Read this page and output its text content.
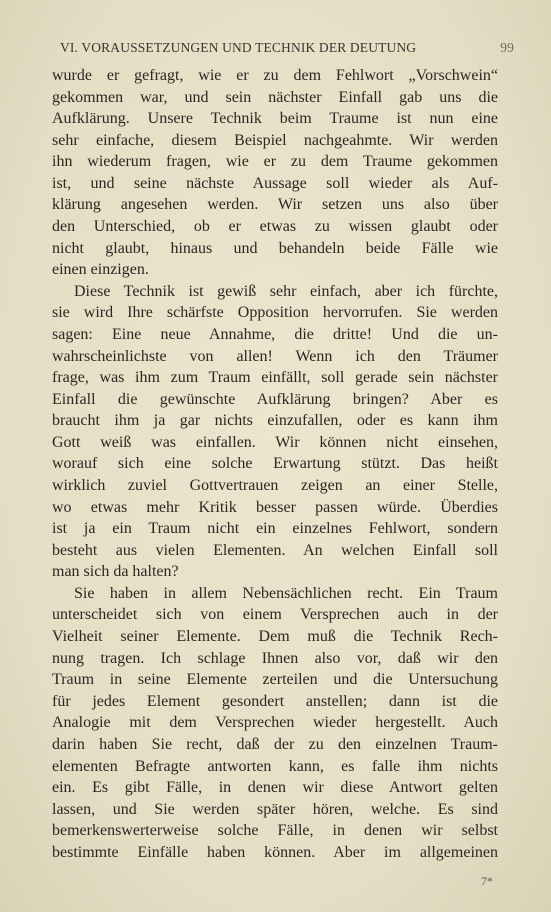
VI. VORAUSSETZUNGEN UND TECHNIK DER DEUTUNG	99
wurde er gefragt, wie er zu dem Fehlwort „Vorschwein“
gekommen war, und sein nächster Einfall gab uns die
Aufklärung. Unsere Technik beim Traume ist nun eine
sehr einfache, diesem Beispiel nachgeahmte. Wir werden
ihn wiederum fragen, wie er zu dem Traume gekommen
ist, und seine nächste Aussage soll wieder als Auf-
klärung angesehen werden. Wir setzen uns also über
den Unterschied, ob er etwas zu wissen glaubt oder
nicht glaubt, hinaus und behandeln beide Fälle wie
einen einzigen.
Diese Technik ist gewiß sehr einfach, aber ich fürchte,
sie wird Ihre schärfste Opposition hervorrufen. Sie werden
sagen: Eine neue Annahme, die dritte! Und die un-
wahrscheinlichste von allen! Wenn ich den Träumer
frage, was ihm zum Traum einfällt, soll gerade sein nächster
Einfall die gewünschte Aufklärung bringen? Aber es
braucht ihm ja gar nichts einzufallen, oder es kann ihm
Gott weiß was einfallen. Wir können nicht einsehen,
worauf sich eine solche Erwartung stützt. Das heißt
wirklich zuviel Gottvertrauen zeigen an einer Stelle,
wo etwas mehr Kritik besser passen würde. Überdies
ist ja ein Traum nicht ein einzelnes Fehlwort, sondern
besteht aus vielen Elementen. An welchen Einfall soll
man sich da halten?
Sie haben in allem Nebensächlichen recht. Ein Traum
unterscheidet sich von einem Versprechen auch in der
Vielheit seiner Elemente. Dem muß die Technik Rech-
nung tragen. Ich schlage Ihnen also vor, daß wir den
Traum in seine Elemente zerteilen und die Untersuchung
für jedes Element gesondert anstellen; dann ist die
Analogie mit dem Versprechen wieder hergestellt. Auch
darin haben Sie recht, daß der zu den einzelnen Traum-
elementen Befragte antworten kann, es falle ihm nichts
ein. Es gibt Fälle, in denen wir diese Antwort gelten
lassen, und Sie werden später hören, welche. Es sind
bemerkenswerterweise solche Fälle, in denen wir selbst
bestimmte Einfälle haben können. Aber im allgemeinen
7*
